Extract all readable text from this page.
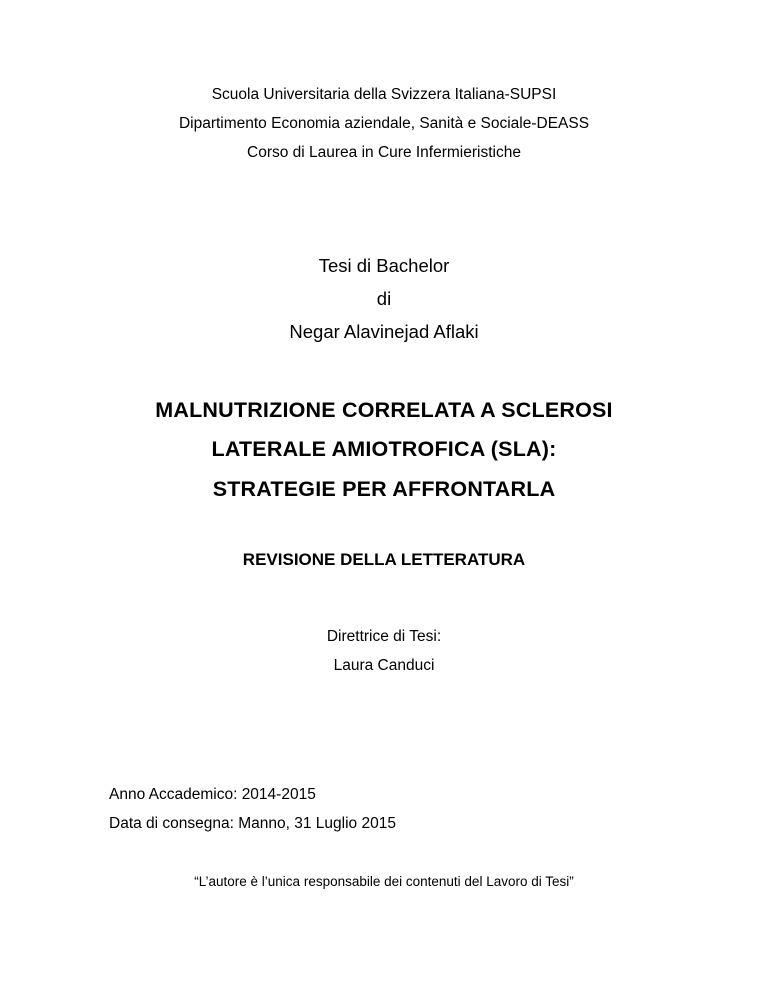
Scuola Universitaria della Svizzera Italiana-SUPSI
Dipartimento Economia aziendale, Sanità e Sociale-DEASS
Corso di Laurea in Cure Infermieristiche
Tesi di Bachelor
di
Negar Alavinejad Aflaki
MALNUTRIZIONE CORRELATA A SCLEROSI
LATERALE AMIOTROFICA (SLA):
STRATEGIE PER AFFRONTARLA
REVISIONE DELLA LETTERATURA
Direttrice di Tesi:
Laura Canduci
Anno Accademico: 2014-2015
Data di consegna: Manno, 31 Luglio 2015
“L’autore è l’unica responsabile dei contenuti del Lavoro di Tesi”
